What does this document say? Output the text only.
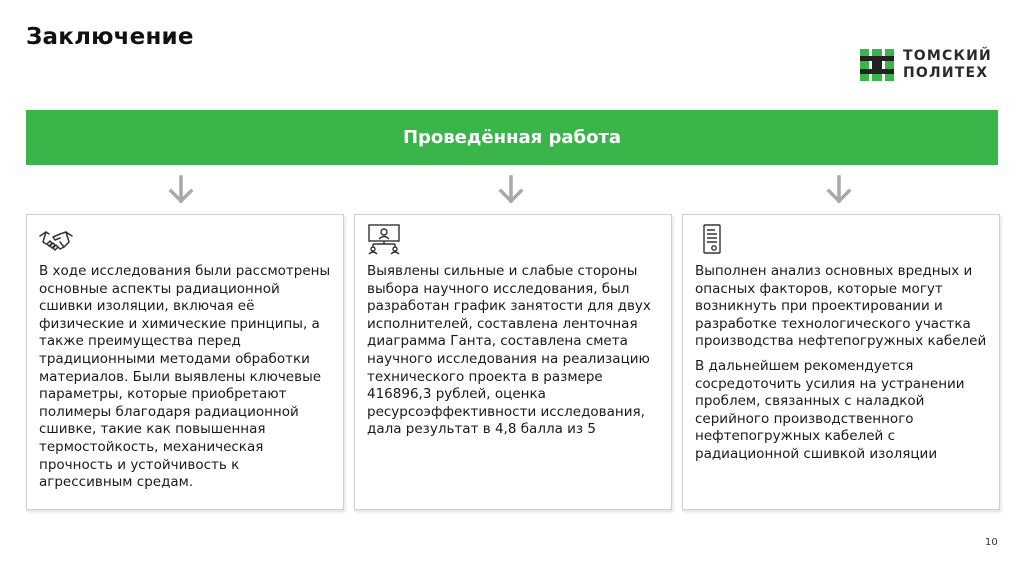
Заключение
ТОМСКИЙ
ПОЛИТЕХ
Проведённая работа

В ходе исследования были рассмотрены основные аспекты радиационной сшивки изоляции, включая её физические и химические принципы, а также преимущества перед традиционными методами обработки материалов. Были выявлены ключевые параметры, которые приобретают полимеры благодаря радиационной сшивке, такие как повышенная термостойкость, механическая прочность и устойчивость к агрессивным средам.

Выявлены сильные и слабые стороны выбора научного исследования, был разработан график занятости для двух исполнителей, составлена ленточная диаграмма Ганта, составлена смета научного исследования на реализацию технического проекта в размере 416896,3 рублей, оценка ресурсоэффективности исследования, дала результат в 4,8 балла из 5

Выполнен анализ основных вредных и опасных факторов, которые могут возникнуть при проектировании и разработке технологического участка производства нефтепогружных кабелей

В дальнейшем рекомендуется сосредоточить усилия на устранении проблем, связанных с наладкой серийного производственного нефтепогружных кабелей с радиационной сшивкой изоляции

10
